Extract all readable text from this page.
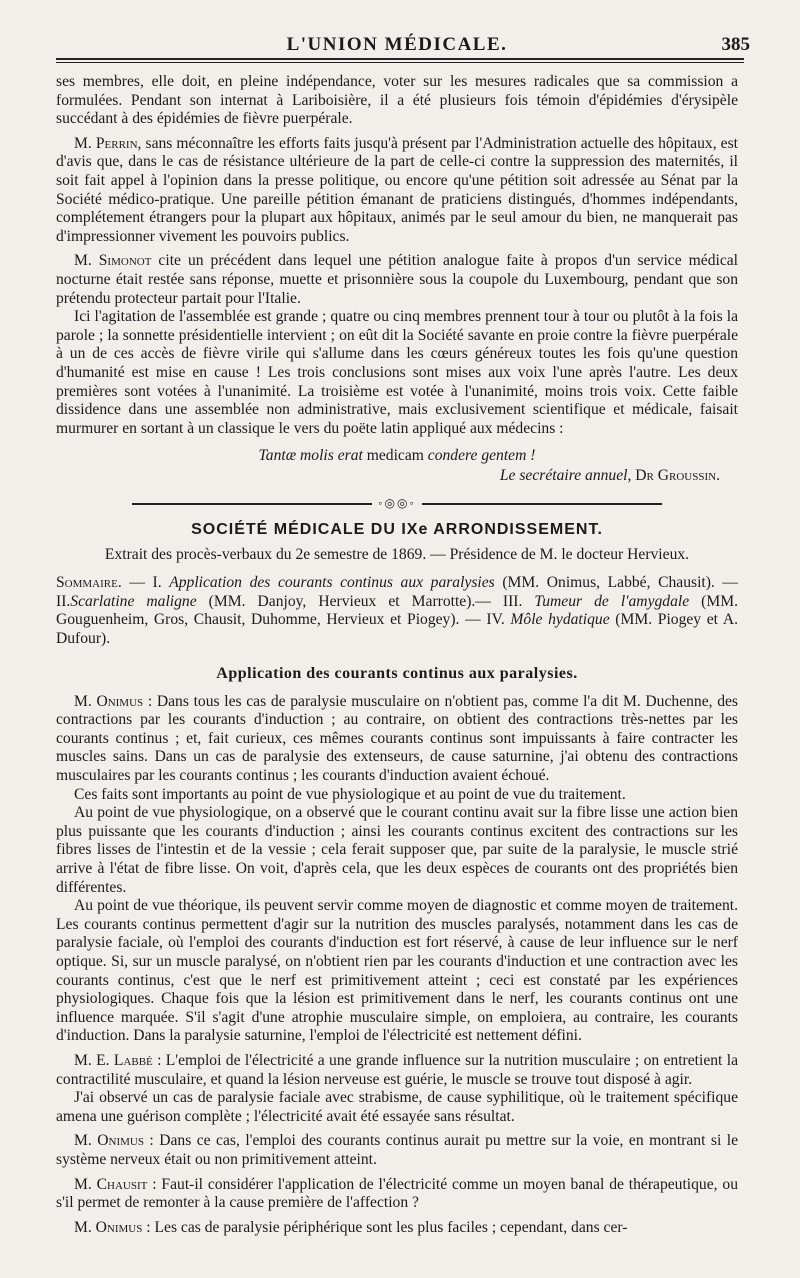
L'UNION MÉDICALE.	385

ses membres, elle doit, en pleine indépendance, voter sur les mesures radicales que sa commission a formulées. Pendant son internat à Lariboisière, il a été plusieurs fois témoin d'épidémies d'érysipèle succédant à des épidémies de fièvre puerpérale.

M. Perrin, sans méconnaître les efforts faits jusqu'à présent par l'Administration actuelle des hôpitaux, est d'avis que, dans le cas de résistance ultérieure de la part de celle-ci contre la suppression des maternités, il soit fait appel à l'opinion dans la presse politique, ou encore qu'une pétition soit adressée au Sénat par la Société médico-pratique. Une pareille pétition émanant de praticiens distingués, d'hommes indépendants, complétement étrangers pour la plupart aux hôpitaux, animés par le seul amour du bien, ne manquerait pas d'impressionner vivement les pouvoirs publics.

M. Simonot cite un précédent dans lequel une pétition analogue faite à propos d'un service médical nocturne était restée sans réponse, muette et prisonnière sous la coupole du Luxembourg, pendant que son prétendu protecteur partait pour l'Italie.

Ici l'agitation de l'assemblée est grande ; quatre ou cinq membres prennent tour à tour ou plutôt à la fois la parole ; la sonnette présidentielle intervient ; on eût dit la Société savante en proie contre la fièvre puerpérale à un de ces accès de fièvre virile qui s'allume dans les cœurs généreux toutes les fois qu'une question d'humanité est mise en cause ! Les trois conclusions sont mises aux voix l'une après l'autre. Les deux premières sont votées à l'unanimité. La troisième est votée à l'unanimité, moins trois voix. Cette faible dissidence dans une assemblée non administrative, mais exclusivement scientifique et médicale, faisait murmurer en sortant à un classique le vers du poëte latin appliqué aux médecins :

Tantæ molis erat medicam condere gentem !
Le secrétaire annuel, Dr Groussin.
◦◎◎◦
SOCIÉTÉ MÉDICALE DU IXe ARRONDISSEMENT.
Extrait des procès-verbaux du 2e semestre de 1869. — Présidence de M. le docteur Hervieux.

Sommaire. — I. Application des courants continus aux paralysies (MM. Onimus, Labbé, Chausit). — II.Scarlatine maligne (MM. Danjoy, Hervieux et Marrotte).— III. Tumeur de l'amygdale (MM. Gouguenheim, Gros, Chausit, Duhomme, Hervieux et Piogey). — IV. Môle hydatique (MM. Piogey et A. Dufour).

Application des courants continus aux paralysies.

M. Onimus : Dans tous les cas de paralysie musculaire on n'obtient pas, comme l'a dit M. Duchenne, des contractions par les courants d'induction ; au contraire, on obtient des contractions très-nettes par les courants continus ; et, fait curieux, ces mêmes courants continus sont impuissants à faire contracter les muscles sains. Dans un cas de paralysie des extenseurs, de cause saturnine, j'ai obtenu des contractions musculaires par les courants continus ; les courants d'induction avaient échoué.

Ces faits sont importants au point de vue physiologique et au point de vue du traitement.

Au point de vue physiologique, on a observé que le courant continu avait sur la fibre lisse une action bien plus puissante que les courants d'induction ; ainsi les courants continus excitent des contractions sur les fibres lisses de l'intestin et de la vessie ; cela ferait supposer que, par suite de la paralysie, le muscle strié arrive à l'état de fibre lisse. On voit, d'après cela, que les deux espèces de courants ont des propriétés bien différentes.

Au point de vue théorique, ils peuvent servir comme moyen de diagnostic et comme moyen de traitement. Les courants continus permettent d'agir sur la nutrition des muscles paralysés, notamment dans les cas de paralysie faciale, où l'emploi des courants d'induction est fort réservé, à cause de leur influence sur le nerf optique. Si, sur un muscle paralysé, on n'obtient rien par les courants d'induction et une contraction avec les courants continus, c'est que le nerf est primitivement atteint ; ceci est constaté par les expériences physiologiques. Chaque fois que la lésion est primitivement dans le nerf, les courants continus ont une influence marquée. S'il s'agit d'une atrophie musculaire simple, on emploiera, au contraire, les courants d'induction. Dans la paralysie saturnine, l'emploi de l'électricité est nettement défini.

M. E. Labbé : L'emploi de l'électricité a une grande influence sur la nutrition musculaire ; on entretient la contractilité musculaire, et quand la lésion nerveuse est guérie, le muscle se trouve tout disposé à agir.

J'ai observé un cas de paralysie faciale avec strabisme, de cause syphilitique, où le traitement spécifique amena une guérison complète ; l'électricité avait été essayée sans résultat.

M. Onimus : Dans ce cas, l'emploi des courants continus aurait pu mettre sur la voie, en montrant si le système nerveux était ou non primitivement atteint.

M. Chausit : Faut-il considérer l'application de l'électricité comme un moyen banal de thérapeutique, ou s'il permet de remonter à la cause première de l'affection ?

M. Onimus : Les cas de paralysie périphérique sont les plus faciles ; cependant, dans cer-
